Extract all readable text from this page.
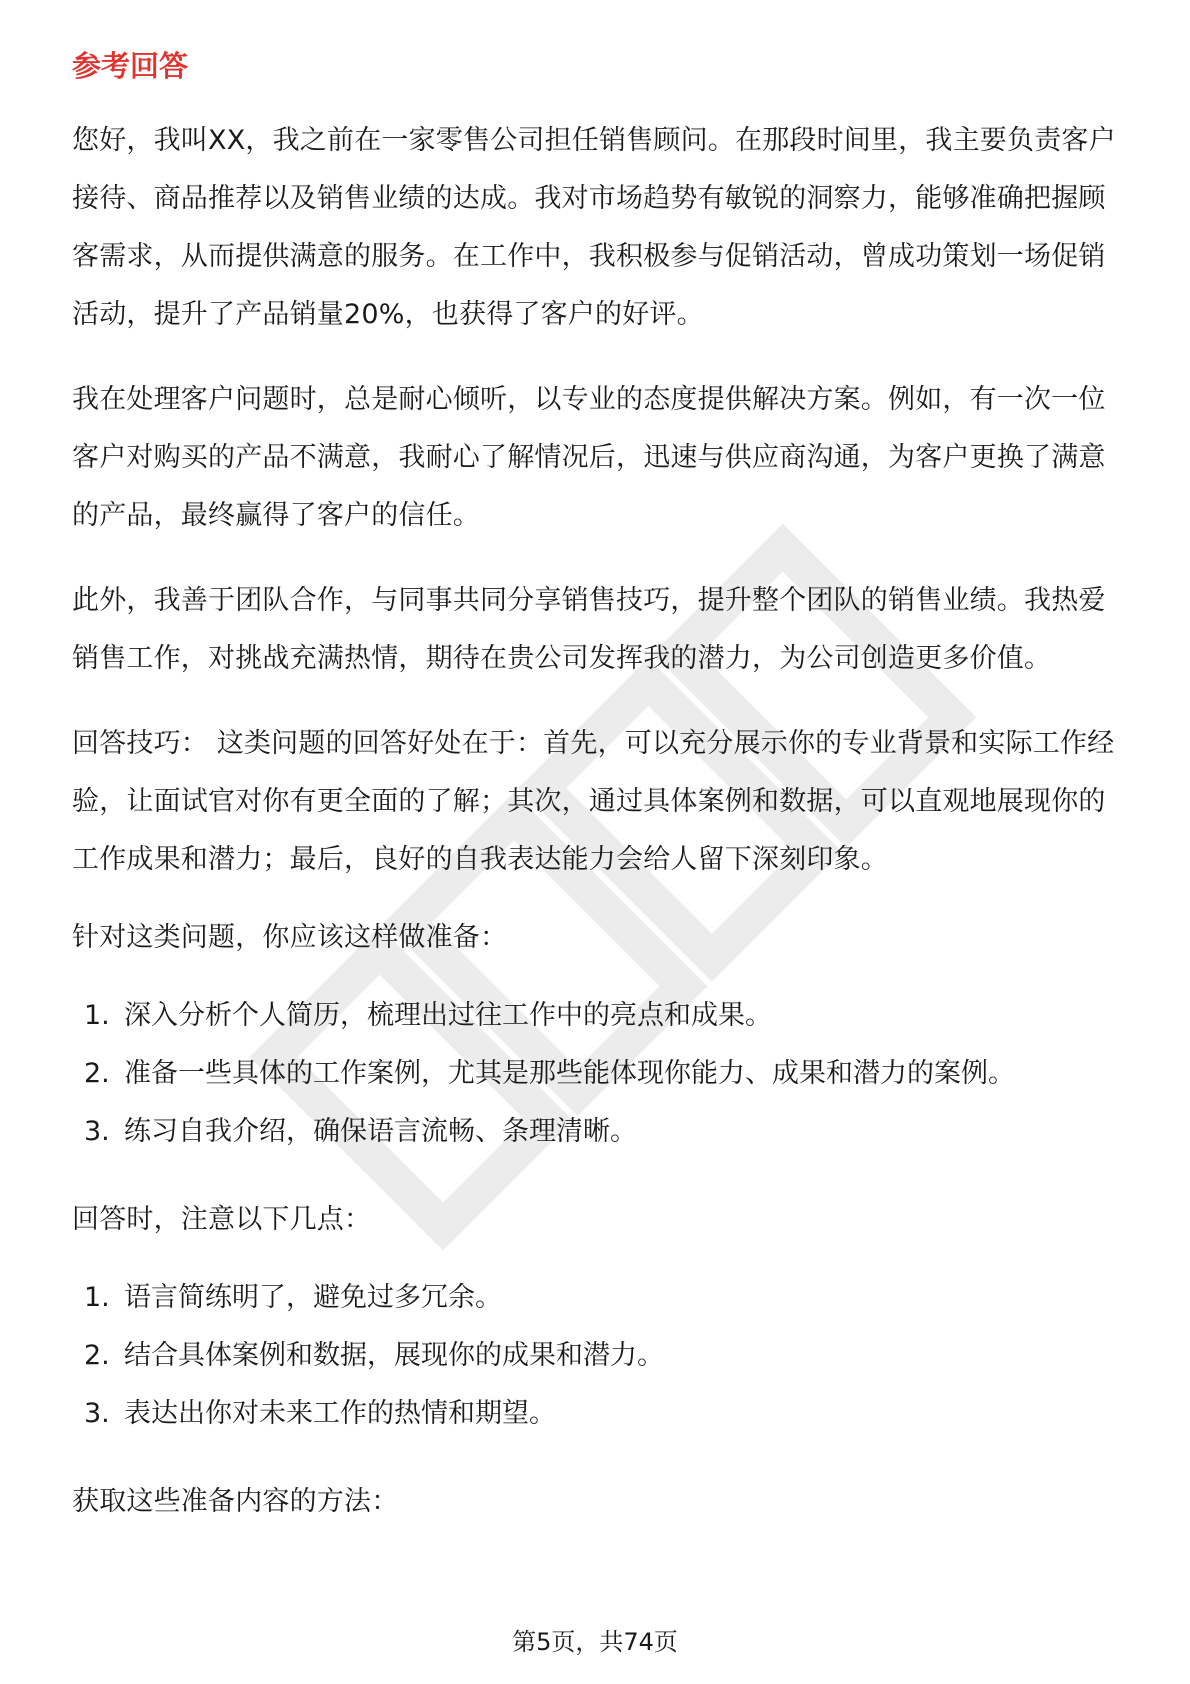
参考回答

您好，我叫XX，我之前在一家零售公司担任销售顾问。在那段时间里，我主要负责客户接待、商品推荐以及销售业绩的达成。我对市场趋势有敏锐的洞察力，能够准确把握顾客需求，从而提供满意的服务。在工作中，我积极参与促销活动，曾成功策划一场促销活动，提升了产品销量20%，也获得了客户的好评。

我在处理客户问题时，总是耐心倾听，以专业的态度提供解决方案。例如，有一次一位客户对购买的产品不满意，我耐心了解情况后，迅速与供应商沟通，为客户更换了满意的产品，最终赢得了客户的信任。

此外，我善于团队合作，与同事共同分享销售技巧，提升整个团队的销售业绩。我热爱销售工作，对挑战充满热情，期待在贵公司发挥我的潜力，为公司创造更多价值。

回答技巧： 这类问题的回答好处在于：首先，可以充分展示你的专业背景和实际工作经验，让面试官对你有更全面的了解；其次，通过具体案例和数据，可以直观地展现你的工作成果和潜力；最后，良好的自我表达能力会给人留下深刻印象。

针对这类问题，你应该这样做准备：

1. 深入分析个人简历，梳理出过往工作中的亮点和成果。
2. 准备一些具体的工作案例，尤其是那些能体现你能力、成果和潜力的案例。
3. 练习自我介绍，确保语言流畅、条理清晰。

回答时，注意以下几点：

1. 语言简练明了，避免过多冗余。
2. 结合具体案例和数据，展现你的成果和潜力。
3. 表达出你对未来工作的热情和期望。

获取这些准备内容的方法：

第5页，共74页
